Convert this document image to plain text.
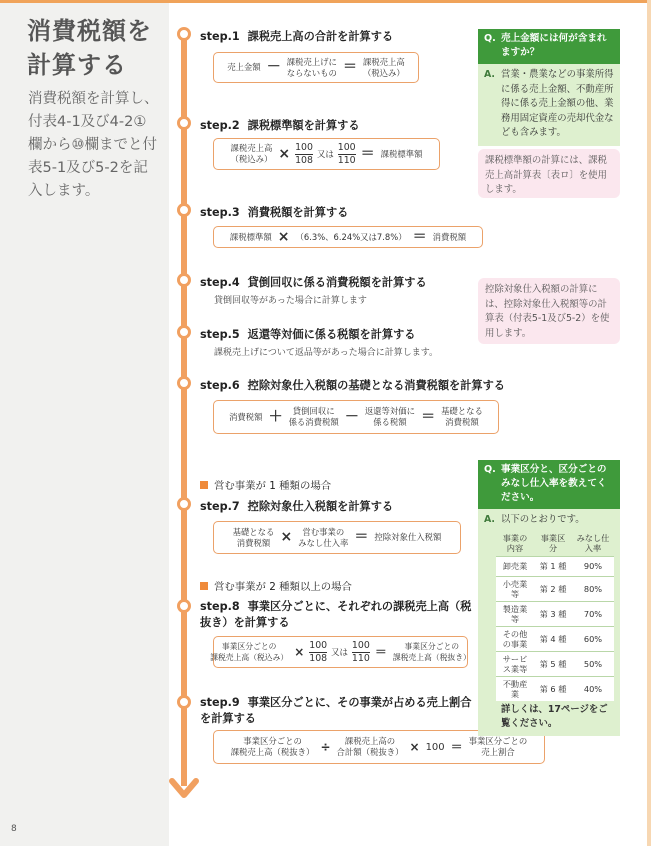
消費税額を
計算する
消費税額を計算し、付表4-1及び4-2①欄から⑩欄までと付表5-1及び5-2を記入します。
8
step.1 課税売上高の合計を計算する
売上金額 － 課税売上げに
ならないもの ＝ 課税売上高
（税込み）
step.2 課税標準額を計算する
課税売上高
（税込み） × $\frac{100}{108}$ 又は $\frac{100}{110}$ ＝ 課税標準額
step.3 消費税額を計算する
課税標準額 × （6.3%、6.24%又は7.8%） ＝ 消費税額
step.4 貸倒回収に係る消費税額を計算する
貸倒回収等があった場合に計算します
step.5 返還等対価に係る税額を計算する
課税売上げについて返品等があった場合に計算します。
step.6 控除対象仕入税額の基礎となる消費税額を計算する
消費税額 ＋	貸倒回収に
係る消費税額 － 返還等対価に
係る税額	＝ 基礎となる
消費税額
営む事業が 1 種類の場合
step.7 控除対象仕入税額を計算する
基礎となる
消費税額 ×	営む事業の
みなし仕入率 ＝ 控除対象仕入税額
営む事業が 2 種類以上の場合
step.8 事業区分ごとに、それぞれの課税売上高（税抜き）を計算する
事業区分ごとの
課税売上高（税込み） × $\frac{100}{108}$ 又は $\frac{100}{110}$ ＝	事業区分ごとの
課税売上高（税抜き）
step.9 事業区分ごとに、その事業が占める売上割合を計算する
事業区分ごとの
課税売上高（税抜き） ÷	課税売上高の
合計額（税抜き） × 100 ＝ 事業区分ごとの
売上割合
Q. 売上金額には何が含まれますか？
A. 営業・農業などの事業所得に係る売上金額、不動産所得に係る売上金額の他、業務用固定資産の売却代金なども含みます。
課税標準額の計算には、課税売上高計算表〔表ロ〕を使用します。
控除対象仕入税額の計算には、控除対象仕入税額等の計算表（付表5-1及び5-2）を使用します。
Q. 事業区分と、区分ごとのみなし仕入率を教えてください。
A. 以下のとおりです。
事業の内容	事業区分	みなし仕入率
卸売業	第 1 種	90%
小売業等	第 2 種	80%
製造業等	第 3 種	70%
その他の事業	第 4 種	60%
サービス業等	第 5 種	50%
不動産業	第 6 種	40%
詳しくは、17ページをご覧ください。
